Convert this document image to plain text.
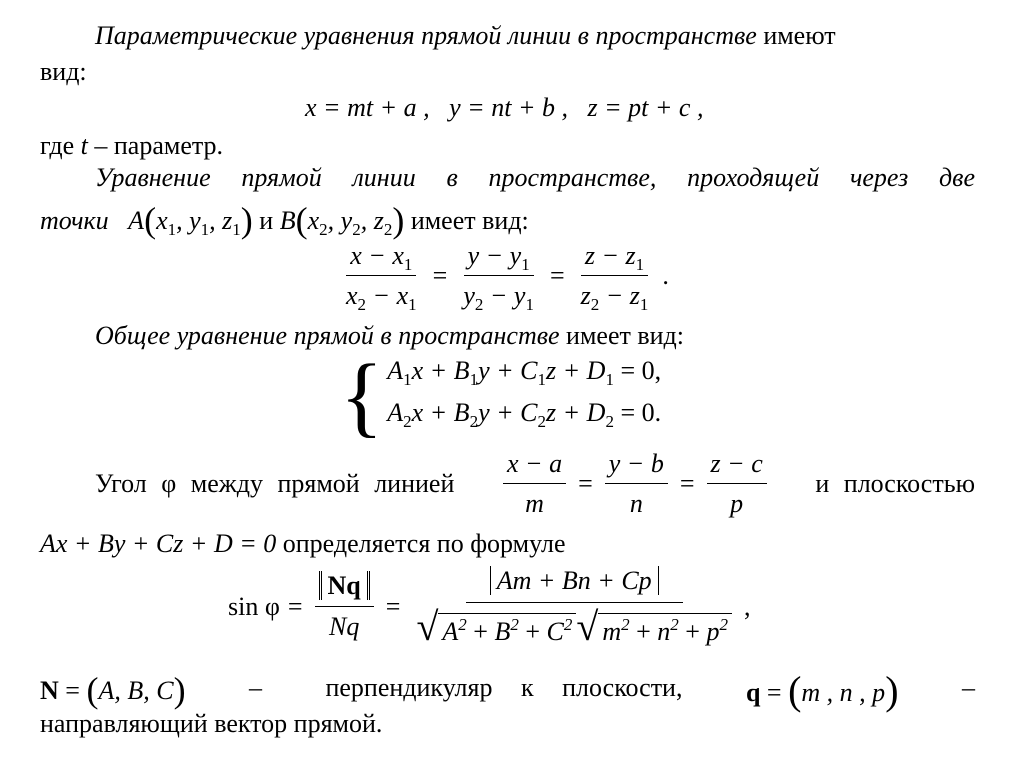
Параметрические уравнения прямой линии в пространстве имеют
вид:
x = mt + a , y = nt + b , z = pt + c ,
где t – параметр.
Уравнение прямой линии в пространстве, проходящей через две
точки $A(x_1$, $y_1$, $z_1$) и $B(x_2$, $y_2$, $z_2$) имеет вид:
$\frac{x - x_1}{x_2 - x_1} = \frac{y - y_1}{y_2 - y_1} = \frac{z - z_1}{z_2 - z_1}$ .
Общее уравнение прямой в пространстве имеет вид:
{ $A_1x + B_1y + C_1z + D_1 = 0$,
$A_2x + B_2y + C_2z + D_2 = 0$.
Угол φ между прямой линией $\frac{x - a}{m} = \frac{y - b}{n} = \frac{z - c}{p}$ и плоскостью
Ax + By + Cz + D = 0 определяется по формуле
$\sin \varphi = \frac{Nq}{Nq} = \frac{Am + Bn + Cp}{√ A^2 + B^2 + C^2 √ m^2 + n^2 + p^2}$ ,
N = (A, B, C) – перпендикуляр к плоскости, q = (m , n , p) –
направляющий вектор прямой.
